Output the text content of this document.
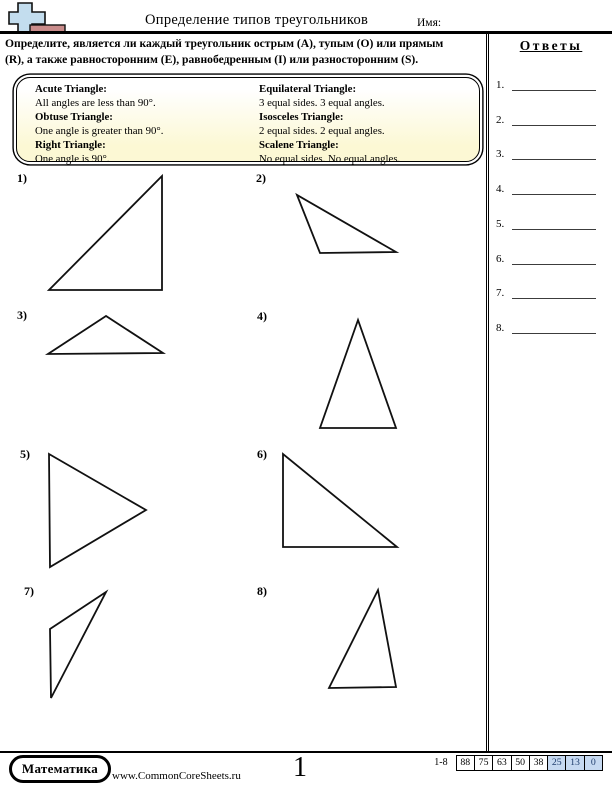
Определение типов треугольников	Имя:
Определите, является ли каждый треугольник острым (A), тупым (O) или прямым
(R), а также равносторонним (E), равнобедренным (I) или разносторонним (S).
Acute Triangle:
All angles are less than 90°.
Obtuse Triangle:
One angle is greater than 90°.
Right Triangle:
One angle is 90°.
Equilateral Triangle:
3 equal sides. 3 equal angles.
Isosceles Triangle:
2 equal sides. 2 equal angles.
Scalene Triangle:
No equal sides. No equal angles.
1)	2)
3)	4)
5)	6)
7)	8)
Ответы
1.
2.
3.
4.
5.
6.
7.
8.
Математика	www.CommonCoreSheets.ru 1	1-8	88 75 63 50 38 25 13	0
